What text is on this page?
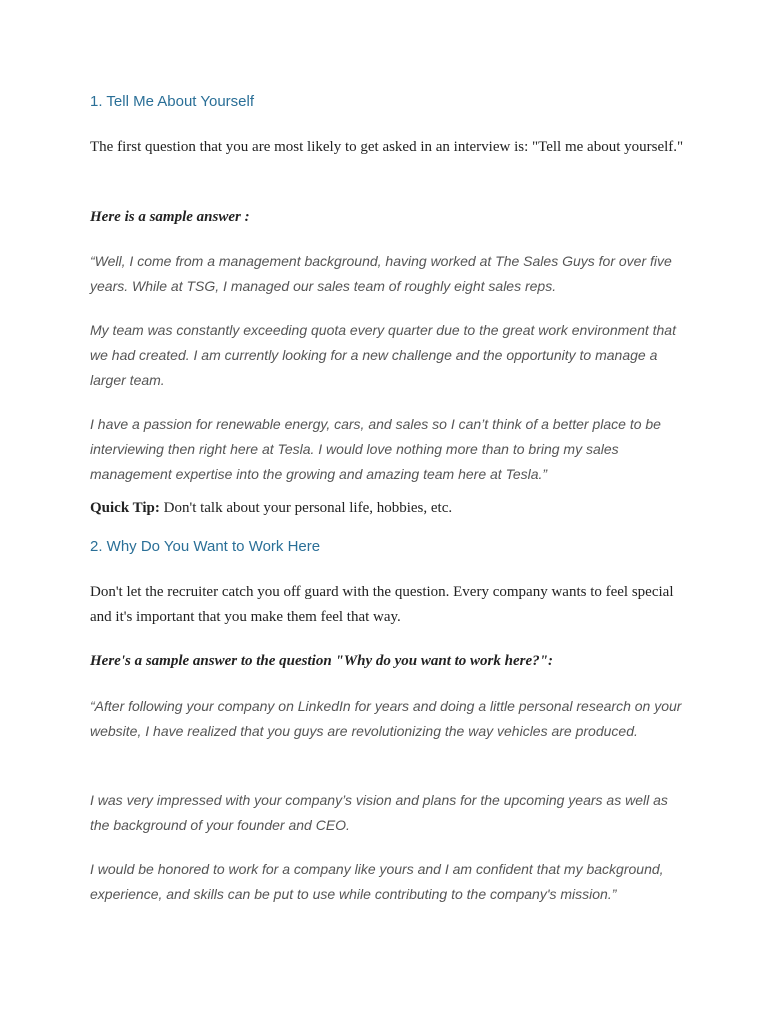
1. Tell Me About Yourself

The first question that you are most likely to get asked in an interview is: "Tell me about yourself."

Here is a sample answer :

“Well, I come from a management background, having worked at The Sales Guys for over five years. While at TSG, I managed our sales team of roughly eight sales reps.

My team was constantly exceeding quota every quarter due to the great work environment that we had created. I am currently looking for a new challenge and the opportunity to manage a larger team.

I have a passion for renewable energy, cars, and sales so I can’t think of a better place to be interviewing then right here at Tesla. I would love nothing more than to bring my sales management expertise into the growing and amazing team here at Tesla.”

Quick Tip: Don't talk about your personal life, hobbies, etc.

2. Why Do You Want to Work Here

Don't let the recruiter catch you off guard with the question. Every company wants to feel special and it's important that you make them feel that way.

Here's a sample answer to the question "Why do you want to work here?":

“After following your company on LinkedIn for years and doing a little personal research on your website, I have realized that you guys are revolutionizing the way vehicles are produced.

I was very impressed with your company’s vision and plans for the upcoming years as well as the background of your founder and CEO.

I would be honored to work for a company like yours and I am confident that my background, experience, and skills can be put to use while contributing to the company's mission.”
